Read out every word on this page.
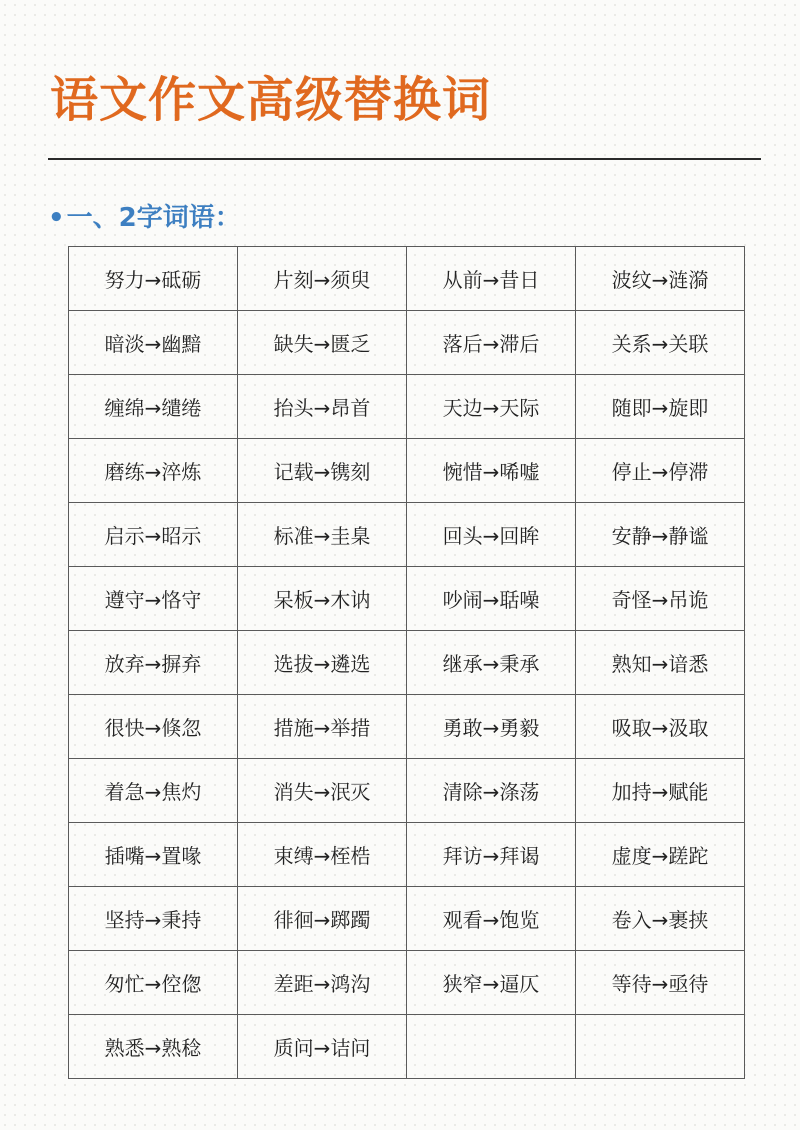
语文作文高级替换词
• 一、2字词语：
努力→砥砺	片刻→须臾	从前→昔日	波纹→涟漪
暗淡→幽黯	缺失→匮乏	落后→滞后	关系→关联
缠绵→缱绻	抬头→昂首	天边→天际	随即→旋即
磨练→淬炼	记载→镌刻	惋惜→唏嘘	停止→停滞
启示→昭示	标准→圭臬	回头→回眸	安静→静谧
遵守→恪守	呆板→木讷	吵闹→聒噪	奇怪→吊诡
放弃→摒弃	选拔→遴选	继承→秉承	熟知→谙悉
很快→倏忽	措施→举措	勇敢→勇毅	吸取→汲取
着急→焦灼	消失→泯灭	清除→涤荡	加持→赋能
插嘴→置喙	束缚→桎梏	拜访→拜谒	虚度→蹉跎
坚持→秉持	徘徊→踯躅	观看→饱览	卷入→裹挟
匆忙→倥偬	差距→鸿沟	狭窄→逼仄	等待→亟待
熟悉→熟稔	质问→诘问		
